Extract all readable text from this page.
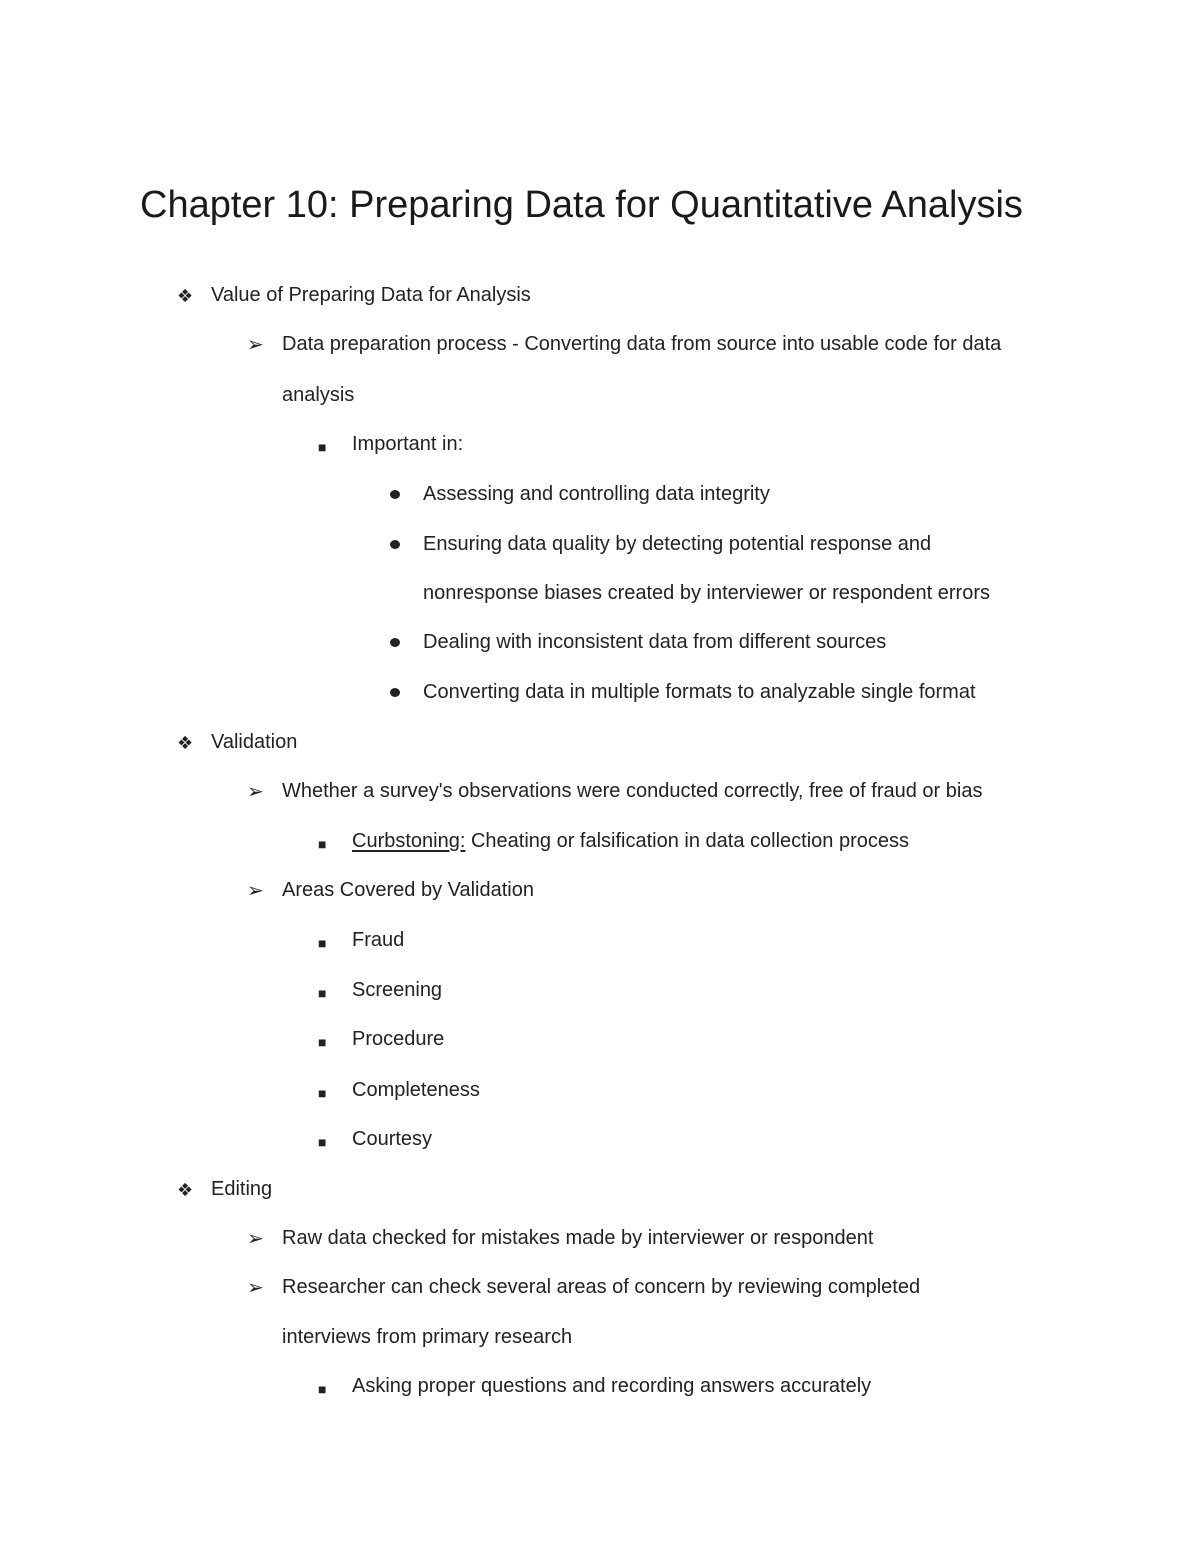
Chapter 10: Preparing Data for Quantitative Analysis
❖ Value of Preparing Data for Analysis
➢ Data preparation process - Converting data from source into usable code for data
analysis
■ Important in:
Assessing and controlling data integrity
Ensuring data quality by detecting potential response and
nonresponse biases created by interviewer or respondent errors
Dealing with inconsistent data from different sources
Converting data in multiple formats to analyzable single format
❖ Validation
➢ Whether a survey's observations were conducted correctly, free of fraud or bias
■ Curbstoning: Cheating or falsification in data collection process
➢ Areas Covered by Validation
■ Fraud
■ Screening
■ Procedure
■ Completeness
■ Courtesy
❖ Editing
➢ Raw data checked for mistakes made by interviewer or respondent
➢ Researcher can check several areas of concern by reviewing completed
interviews from primary research
■ Asking proper questions and recording answers accurately
